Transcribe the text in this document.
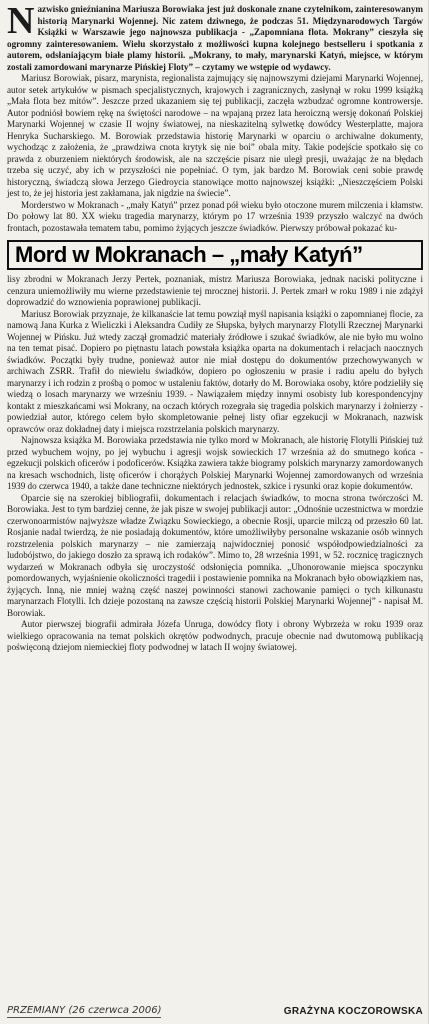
Nazwisko gnieźnianina Mariusza Borowiaka jest już doskonale znane czytelnikom, zainteresowanym historią Marynarki Wojennej. Nic zatem dziwnego, że podczas 51. Międzynarodowych Targów Książki w Warszawie jego najnowsza publikacja - „Zapomniana flota. Mokrany” cieszyła się ogromny zainteresowaniem. Wielu skorzystało z możliwości kupna kolejnego bestselleru i spotkania z autorem, odsłaniającym białe plamy historii. „Mokrany, to mały, marynarski Katyń, miejsce, w którym zostali zamordowani marynarze Pińskiej Floty” – czytamy we wstępie od wydawcy.

Mariusz Borowiak, pisarz, marynista, regionalista zajmujący się najnowszymi dziejami Marynarki Wojennej, autor setek artykułów w pismach specjalistycznych, krajowych i zagranicznych, zasłynął w roku 1999 książką „Mała flota bez mitów”. Jeszcze przed ukazaniem się tej publikacji, zaczęła wzbudzać ogromne kontrowersje. Autor podniósł bowiem rękę na świętości narodowe – na wpajaną przez lata heroiczną wersję dokonań Polskiej Marynarki Wojennej w czasie II wojny światowej, na nieskazitelną sylwetkę dowódcy Westerplatte, majora Henryka Sucharskiego. M. Borowiak przedstawia historię Marynarki w oparciu o archiwalne dokumenty, wychodząc z założenia, że „prawdziwa cnota krytyk się nie boi” obala mity. Takie podejście spotkało się co prawda z oburzeniem niektórych środowisk, ale na szczęście pisarz nie uległ presji, uważając że na błędach trzeba się uczyć, aby ich w przyszłości nie popełniać. O tym, jak bardzo M. Borowiak ceni sobie prawdę historyczną, świadczą słowa Jerzego Giedroycia stanowiące motto najnowszej książki: „Nieszczęściem Polski jest to, że jej historia jest zakłamana, jak nigdzie na świecie”.

Morderstwo w Mokranach - „mały Katyń” przez ponad pół wieku było otoczone murem milczenia i kłamstw. Do połowy lat 80. XX wieku tragedia marynarzy, którym po 17 września 1939 przyszło walczyć na dwóch frontach, pozostawała tematem tabu, pomimo żyjących jeszcze świadków. Pierwszy próbował pokazać ku-

Mord w Mokranach – „mały Katyń”

lisy zbrodni w Mokranach Jerzy Pertek, poznaniak, mistrz Mariusza Borowiaka, jednak naciski polityczne i cenzura uniemożliwiły mu wierne przedstawienie tej mrocznej historii. J. Pertek zmarł w roku 1989 i nie zdążył doprowadzić do wznowienia poprawionej publikacji.

Mariusz Borowiak przyznaje, że kilkanaście lat temu powziął myśl napisania książki o zapomnianej flocie, za namową Jana Kurka z Wieliczki i Aleksandra Cudiły ze Słupska, byłych marynarzy Flotylli Rzecznej Marynarki Wojennej w Pińsku. Już wtedy zaczął gromadzić materiały źródłowe i szukać świadków, ale nie było mu wolno na ten temat pisać. Dopiero po piętnastu latach powstała książka oparta na dokumentach i relacjach naocznych świadków. Początki były trudne, ponieważ autor nie miał dostępu do dokumentów przechowywanych w archiwach ZSRR. Trafił do niewielu świadków, dopiero po ogłoszeniu w prasie i radiu apelu do byłych marynarzy i ich rodzin z prośbą o pomoc w ustaleniu faktów, dotarły do M. Borowiaka osoby, które podzieliły się wiedzą o losach marynarzy we wrześniu 1939. - Nawiązałem między innymi osobisty lub korespondencyjny kontakt z mieszkańcami wsi Mokrany, na oczach których rozegrała się tragedia polskich marynarzy i żołnierzy - powiedział autor, którego celem było skompletowanie pełnej listy ofiar egzekucji w Mokranach, nazwisk oprawców oraz dokładnej daty i miejsca rozstrzelania polskich marynarzy.

Najnowsza książka M. Borowiaka przedstawia nie tylko mord w Mokranach, ale historię Flotylli Pińskiej tuż przed wybuchem wojny, po jej wybuchu i agresji wojsk sowieckich 17 września aż do smutnego końca - egzekucji polskich oficerów i podoficerów. Książka zawiera także biogramy polskich marynarzy zamordowanych na kresach wschodnich, listę oficerów i chorążych Polskiej Marynarki Wojennej zamordowanych od września 1939 do czerwca 1940, a także dane techniczne niektórych jednostek, szkice i rysunki oraz kopie dokumentów.

Oparcie się na szerokiej bibliografii, dokumentach i relacjach świadków, to mocna strona twórczości M. Borowiaka. Jest to tym bardziej cenne, że jak pisze w swojej publikacji autor: „Odnośnie uczestnictwa w mordzie czerwonoarmistów najwyższe władze Związku Sowieckiego, a obecnie Rosji, uparcie milczą od przeszło 60 lat. Rosjanie nadal twierdzą, że nie posiadają dokumentów, które umożliwiłyby personalne wskazanie osób winnych rozstrzelenia polskich marynarzy – nie zamierzają najwidoczniej ponosić współodpowiedzialności za ludobójstwo, do jakiego doszło za sprawą ich rodaków”. Mimo to, 28 września 1991, w 52. rocznicę tragicznych wydarzeń w Mokranach odbyła się uroczystość odsłonięcia pomnika. „Uhonorowanie miejsca spoczynku pomordowanych, wyjaśnienie okoliczności tragedii i postawienie pomnika na Mokranach było obowiązkiem nas, żyjących. Inną, nie mniej ważną część naszej powinności stanowi zachowanie pamięci o tych kilkunastu marynarzach Flotylli. Ich dzieje pozostaną na zawsze częścią historii Polskiej Marynarki Wojennej” - napisał M. Borowiak.

Autor pierwszej biografii admirała Józefa Unruga, dowódcy floty i obrony Wybrzeża w roku 1939 oraz wielkiego opracowania na temat polskich okrętów podwodnych, pracuje obecnie nad dwutomową publikacją poświęconą dziejom niemieckiej floty podwodnej w latach II wojny światowej.

PRZEMIANY (26 czerwca 2006)	GRAŻYNA KOCZOROWSKA
